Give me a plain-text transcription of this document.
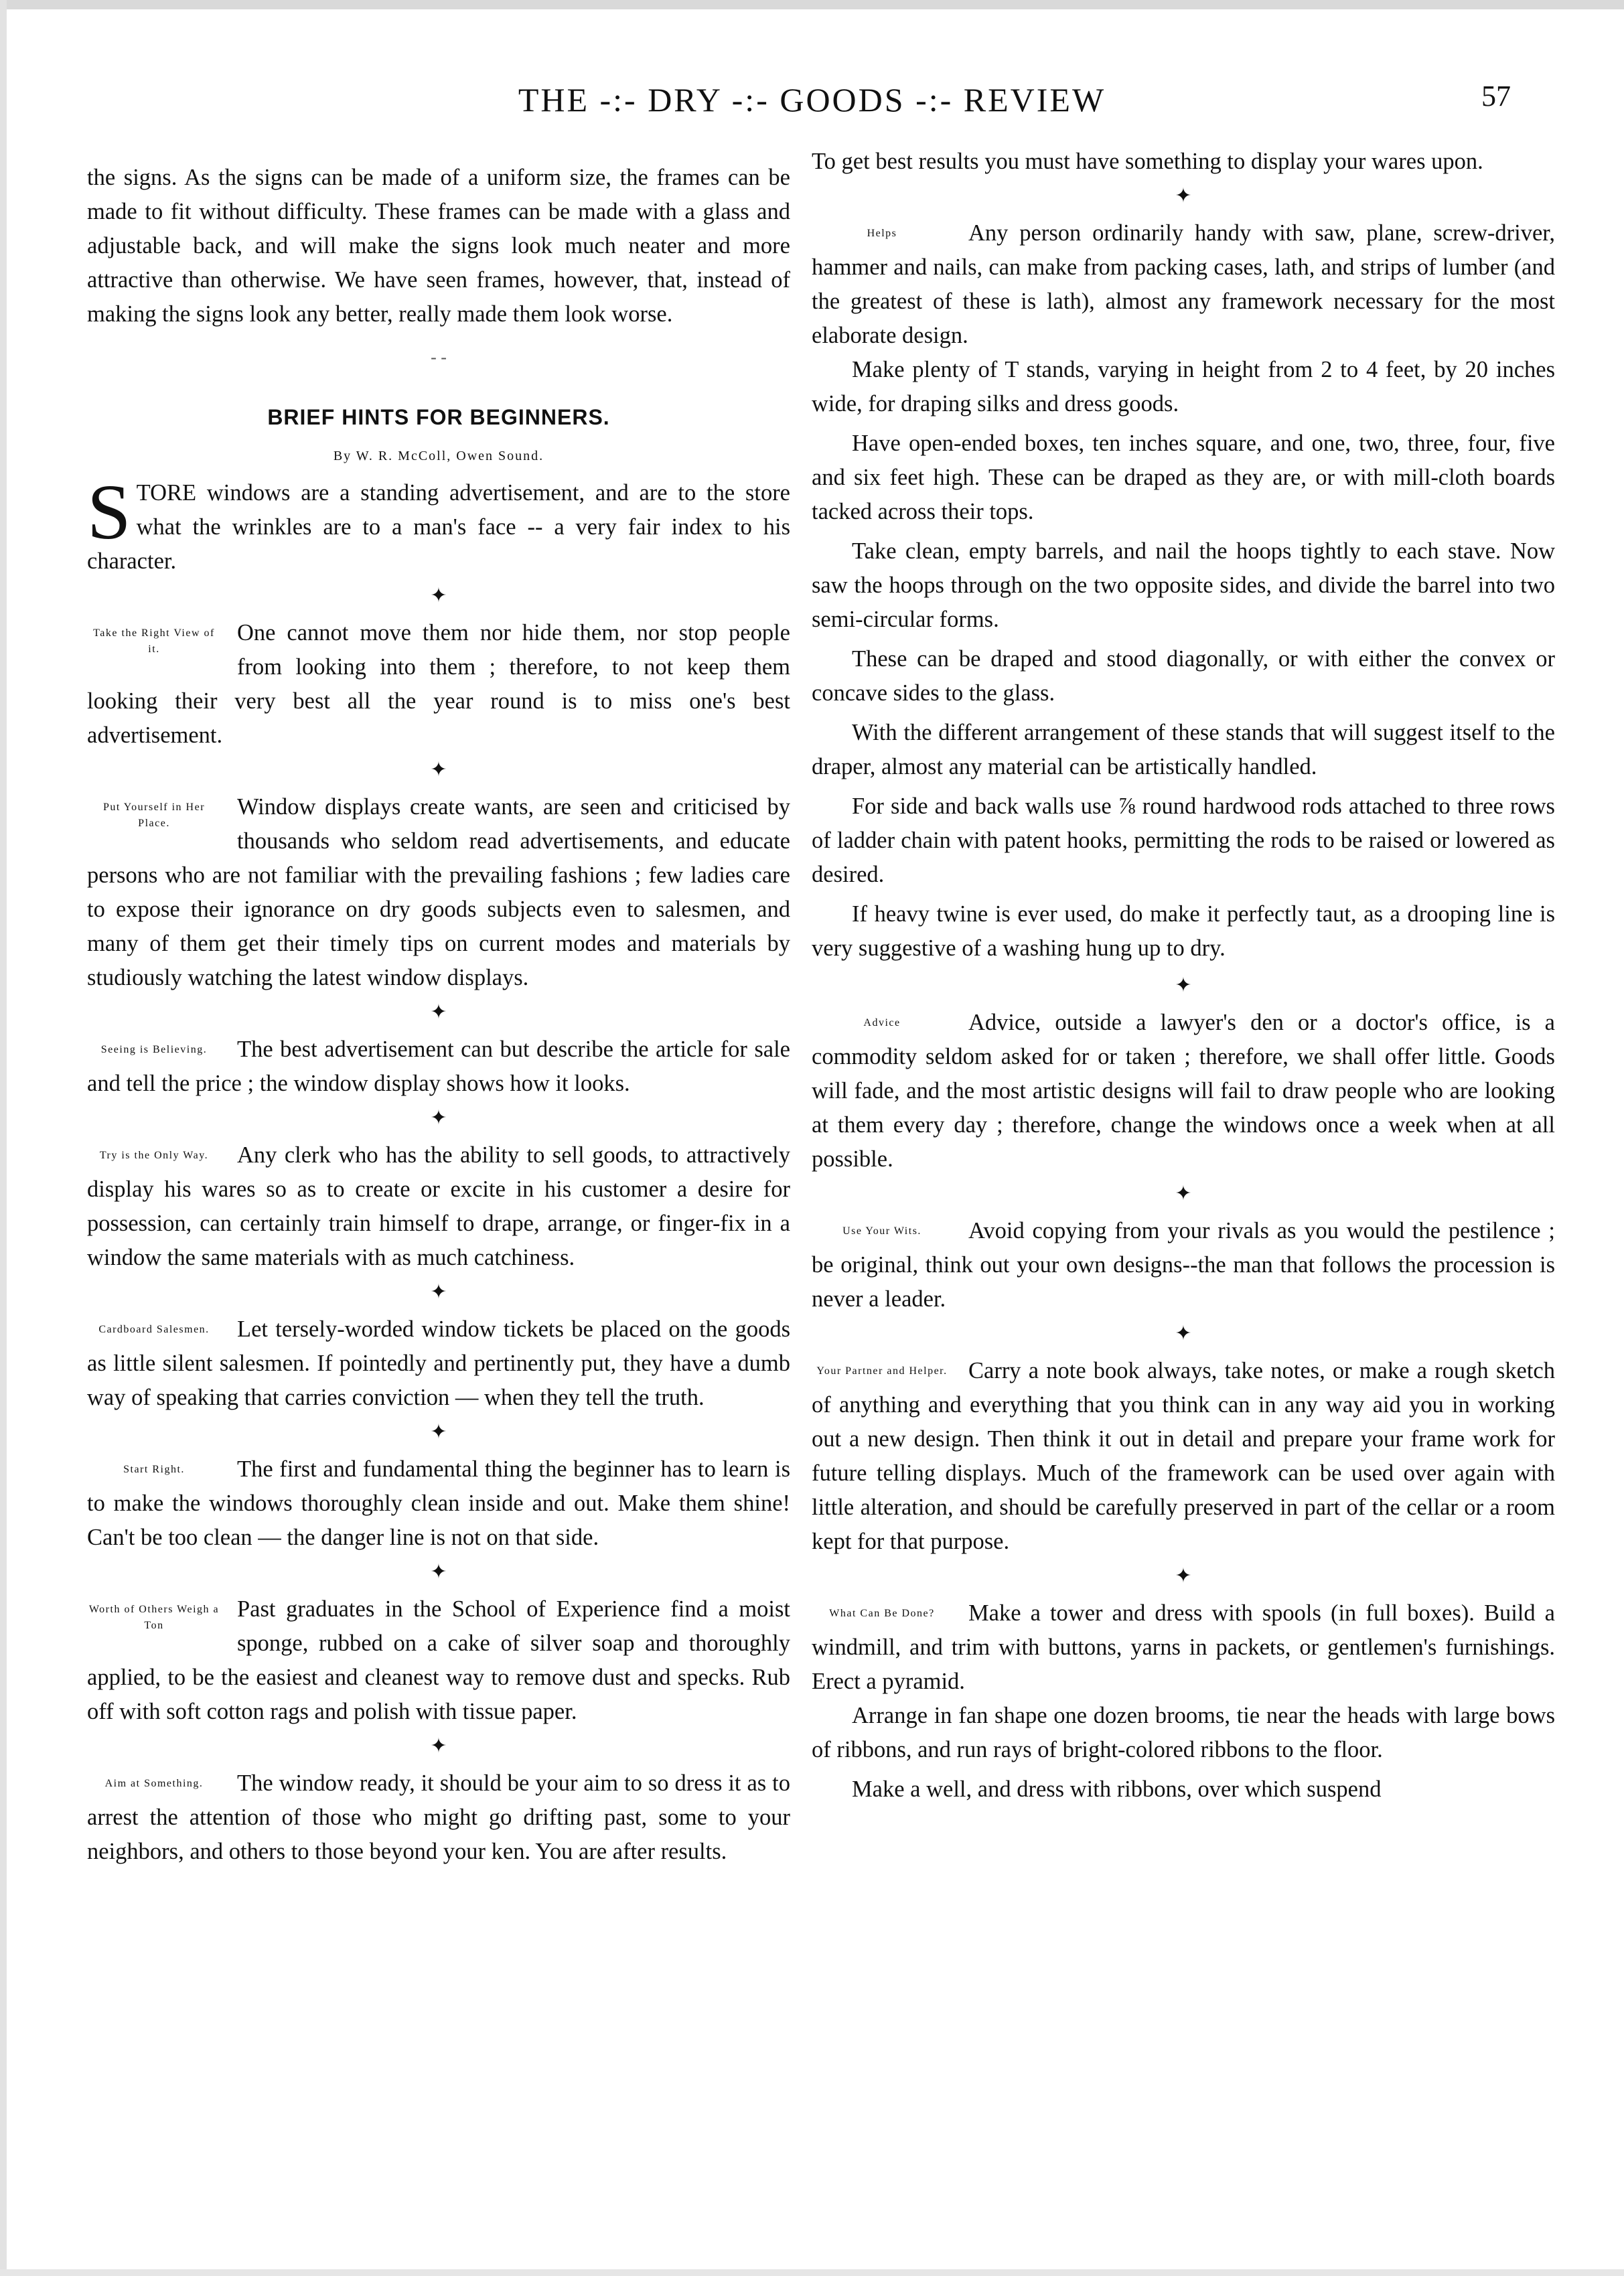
THE -:- DRY -:- GOODS -:- REVIEW	57

the signs. As the signs can be made of a uniform size, the frames can be made to fit without difficulty. These frames can be made with a glass and adjustable back, and will make the signs look much neater and more attractive than otherwise. We have seen frames, however, that, instead of making the signs look any better, really made them look worse.

- -
BRIEF HINTS FOR BEGINNERS.
By W. R. McColl, Owen Sound.
S TORE windows are a standing advertisement, and are to the store what the wrinkles are to a man's face -- a very fair index to his character.
✦
Take the Right View of it.

One cannot move them nor hide them, nor stop people from looking into them ; therefore, to not keep them looking their very best all the year round is to miss one's best advertisement.

✦
Put Yourself in Her Place.

Window displays create wants, are seen and criticised by thousands who seldom read advertisements, and educate persons who are not familiar with the prevailing fashions ; few ladies care to expose their ignorance on dry goods subjects even to salesmen, and many of them get their timely tips on current modes and materials by studiously watching the latest window displays.

✦
Seeing is Believing.	The best advertisement can but describe the article for sale and tell the price ; the window display shows how it looks.

✦
Try is the Only Way.	Any clerk who has the ability to sell goods, to attractively display his wares so as to create or excite in his customer a desire for possession, can certainly train himself to drape, arrange, or finger-fix in a window the same materials with as much catchiness.

✦
Cardboard Salesmen.	Let tersely-worded window tickets be placed on the goods as little silent salesmen. If pointedly and pertinently put, they have a dumb way of speaking that carries conviction — when they tell the truth.

✦
Start Right.	The first and fundamental thing the beginner has to learn is to make the windows thoroughly clean inside and out. Make them shine! Can't be too clean — the danger line is not on that side.

✦
Worth of Others Weigh a Ton

Past graduates in the School of Experience find a moist sponge, rubbed on a cake of silver soap and thoroughly applied, to be the easiest and cleanest way to remove dust and specks. Rub off with soft cotton rags and polish with tissue paper.

✦
Aim at Something.	The window ready, it should be your aim to so dress it as to arrest the attention of those who might go drifting past, some to your neighbors, and others to those beyond your ken. You are after results.

To get best results you must have something to display your wares upon.

✦
Helps	Any person ordinarily handy with saw, plane, screw-driver, hammer and nails, can make from packing cases, lath, and strips of lumber (and the greatest of these is lath), almost any framework necessary for the most elaborate design.

Make plenty of T stands, varying in height from 2 to 4 feet, by 20 inches wide, for draping silks and dress goods.

Have open-ended boxes, ten inches square, and one, two, three, four, five and six feet high. These can be draped as they are, or with mill-cloth boards tacked across their tops.

Take clean, empty barrels, and nail the hoops tightly to each stave. Now saw the hoops through on the two opposite sides, and divide the barrel into two semi-circular forms.

These can be draped and stood diagonally, or with either the convex or concave sides to the glass.

With the different arrangement of these stands that will suggest itself to the draper, almost any material can be artistically handled.

For side and back walls use ⅞ round hardwood rods attached to three rows of ladder chain with patent hooks, permitting the rods to be raised or lowered as desired.

If heavy twine is ever used, do make it perfectly taut, as a drooping line is very suggestive of a washing hung up to dry.

✦
Advice	Advice, outside a lawyer's den or a doctor's office, is a commodity seldom asked for or taken ; therefore, we shall offer little. Goods will fade, and the most artistic designs will fail to draw people who are looking at them every day ; therefore, change the windows once a week when at all possible.

✦
Use Your Wits.	Avoid copying from your rivals as you would the pestilence ; be original, think out your own designs--the man that follows the procession is never a leader.

✦
Your Partner and Helper. Carry a note book always, take notes, or make a rough sketch of anything and everything that you think can in any way aid you in working out a new design. Then think it out in detail and prepare your frame work for future telling displays. Much of the framework can be used over again with little alteration, and should be carefully preserved in part of the cellar or a room kept for that purpose.

✦
What Can Be Done?	Make a tower and dress with spools (in full boxes). Build a windmill, and trim with buttons, yarns in packets, or gentlemen's furnishings. Erect a pyramid.

Arrange in fan shape one dozen brooms, tie near the heads with large bows of ribbons, and run rays of bright-colored ribbons to the floor.

Make a well, and dress with ribbons, over which suspend
